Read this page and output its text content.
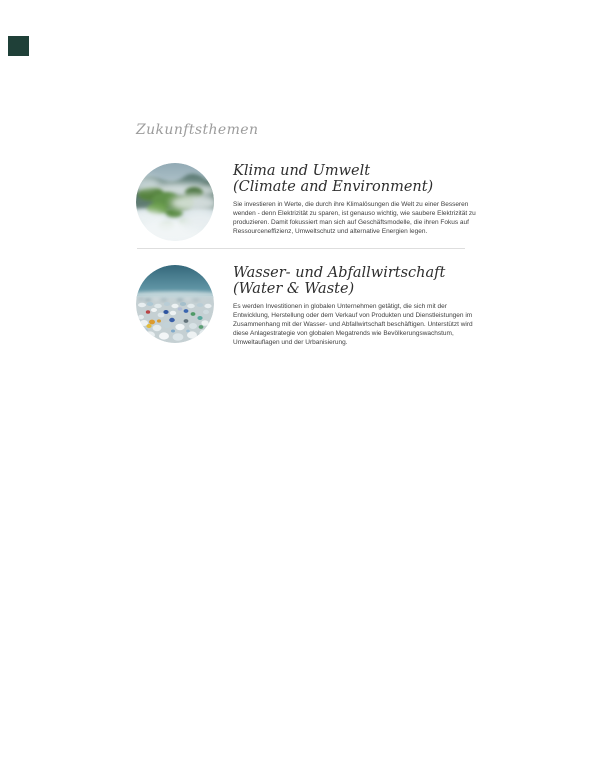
Zukunftsthemen
Klima und Umwelt
(Climate and Environment)

Sie investieren in Werte, die durch ihre Klimalösungen die Welt zu einer Besseren wenden - denn Elektrizität zu sparen, ist genauso wichtig, wie saubere Elektrizität zu produzieren. Damit fokussiert man sich auf Geschäftsmodelle, die ihren Fokus auf Ressourceneffizienz, Umweltschutz und alternative Energien legen.

Wasser- und Abfallwirtschaft
(Water & Waste)

Es werden Investitionen in globalen Unternehmen getätigt, die sich mit der Entwicklung, Herstellung oder dem Verkauf von Produkten und Dienstleistungen im Zusammenhang mit der Wasser- und Abfallwirtschaft beschäftigen. Unterstützt wird diese Anlagestrategie von globalen Megatrends wie Bevölkerungswachstum, Umweltauflagen und der Urbanisierung.
